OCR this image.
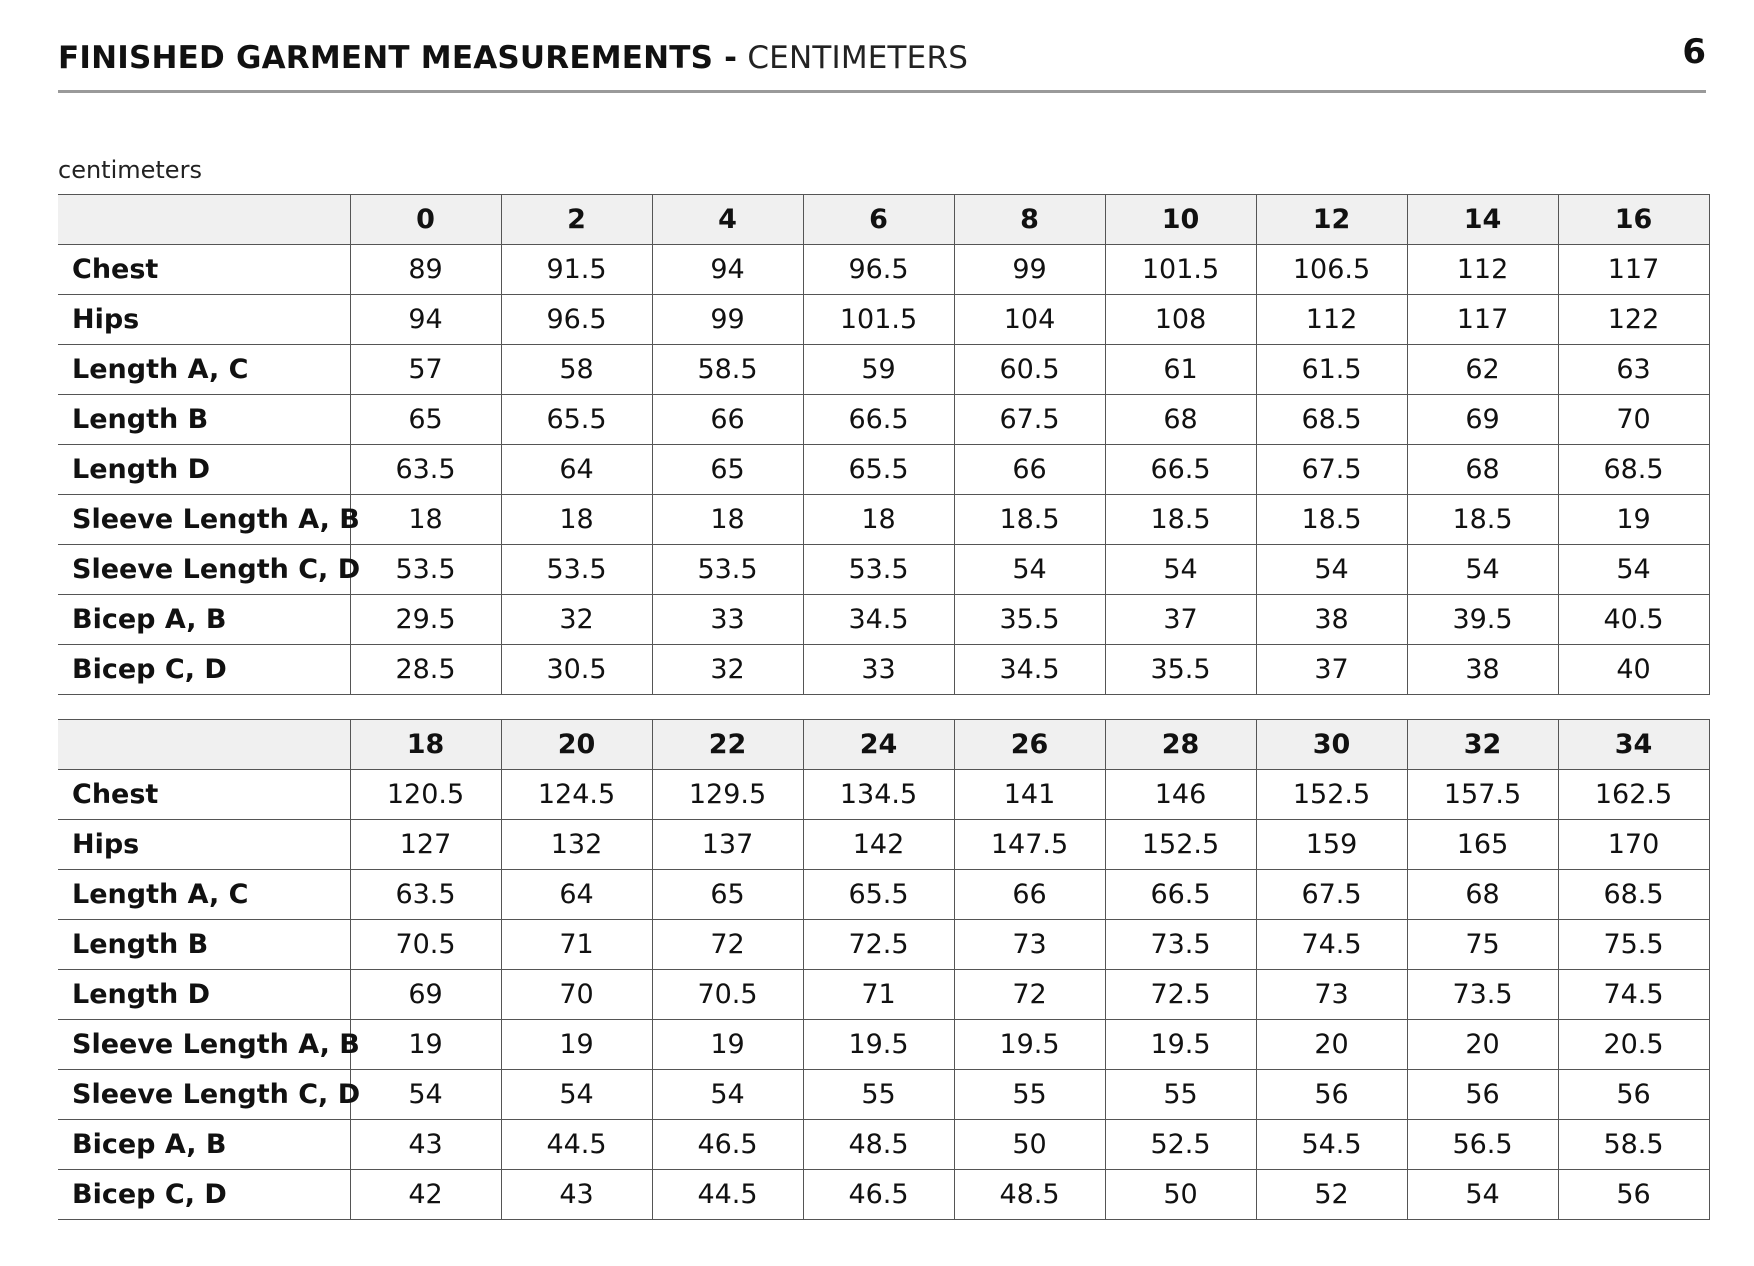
FINISHED GARMENT MEASUREMENTS - CENTIMETERS	6
centimeters
	0	2	4	6	8	10	12	14	16
Chest	89	91.5	94	96.5	99	101.5	106.5	112	117
Hips	94	96.5	99	101.5	104	108	112	117	122
Length A, C	57	58	58.5	59	60.5	61	61.5	62	63
Length B	65	65.5	66	66.5	67.5	68	68.5	69	70
Length D	63.5	64	65	65.5	66	66.5	67.5	68	68.5
Sleeve Length A, B	18	18	18	18	18.5	18.5	18.5	18.5	19
Sleeve Length C, D	53.5	53.5	53.5	53.5	54	54	54	54	54
Bicep A, B	29.5	32	33	34.5	35.5	37	38	39.5	40.5
Bicep C, D	28.5	30.5	32	33	34.5	35.5	37	38	40
	18	20	22	24	26	28	30	32	34
Chest	120.5	124.5	129.5	134.5	141	146	152.5	157.5	162.5
Hips	127	132	137	142	147.5	152.5	159	165	170
Length A, C	63.5	64	65	65.5	66	66.5	67.5	68	68.5
Length B	70.5	71	72	72.5	73	73.5	74.5	75	75.5
Length D	69	70	70.5	71	72	72.5	73	73.5	74.5
Sleeve Length A, B	19	19	19	19.5	19.5	19.5	20	20	20.5
Sleeve Length C, D	54	54	54	55	55	55	56	56	56
Bicep A, B	43	44.5	46.5	48.5	50	52.5	54.5	56.5	58.5
Bicep C, D	42	43	44.5	46.5	48.5	50	52	54	56
